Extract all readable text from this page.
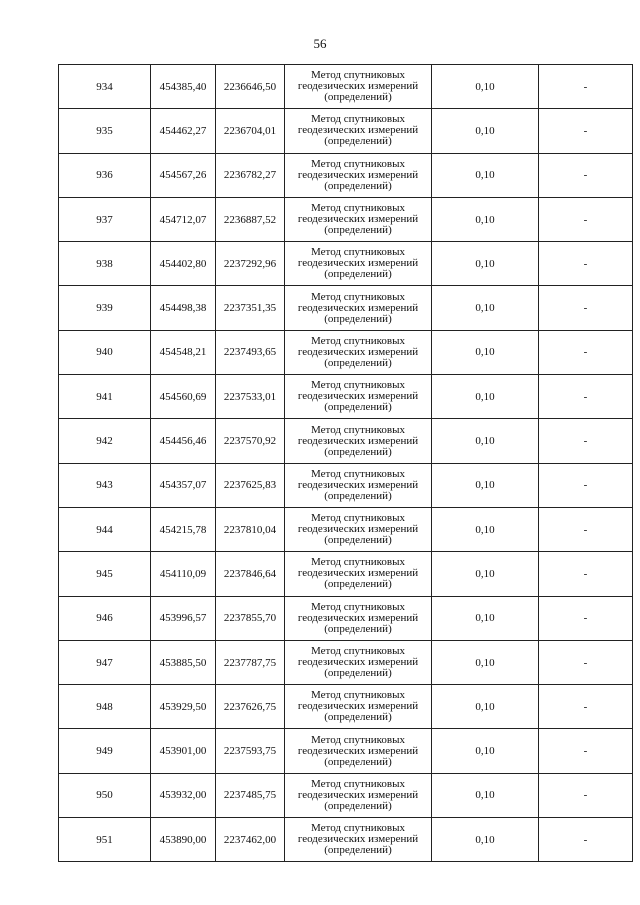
56
934	454385,40	2236646,50	Метод спутниковых
геодезических измерений
(определений)	0,10	-
935	454462,27	2236704,01	Метод спутниковых
геодезических измерений
(определений)	0,10	-
936	454567,26	2236782,27	Метод спутниковых
геодезических измерений
(определений)	0,10	-
937	454712,07	2236887,52	Метод спутниковых
геодезических измерений
(определений)	0,10	-
938	454402,80	2237292,96	Метод спутниковых
геодезических измерений
(определений)	0,10	-
939	454498,38	2237351,35	Метод спутниковых
геодезических измерений
(определений)	0,10	-
940	454548,21	2237493,65	Метод спутниковых
геодезических измерений
(определений)	0,10	-
941	454560,69	2237533,01	Метод спутниковых
геодезических измерений
(определений)	0,10	-
942	454456,46	2237570,92	Метод спутниковых
геодезических измерений
(определений)	0,10	-
943	454357,07	2237625,83	Метод спутниковых
геодезических измерений
(определений)	0,10	-
944	454215,78	2237810,04	Метод спутниковых
геодезических измерений
(определений)	0,10	-
945	454110,09	2237846,64	Метод спутниковых
геодезических измерений
(определений)	0,10	-
946	453996,57	2237855,70	Метод спутниковых
геодезических измерений
(определений)	0,10	-
947	453885,50	2237787,75	Метод спутниковых
геодезических измерений
(определений)	0,10	-
948	453929,50	2237626,75	Метод спутниковых
геодезических измерений
(определений)	0,10	-
949	453901,00	2237593,75	Метод спутниковых
геодезических измерений
(определений)	0,10	-
950	453932,00	2237485,75	Метод спутниковых
геодезических измерений
(определений)	0,10	-
951	453890,00	2237462,00	Метод спутниковых
геодезических измерений
(определений)	0,10	-
